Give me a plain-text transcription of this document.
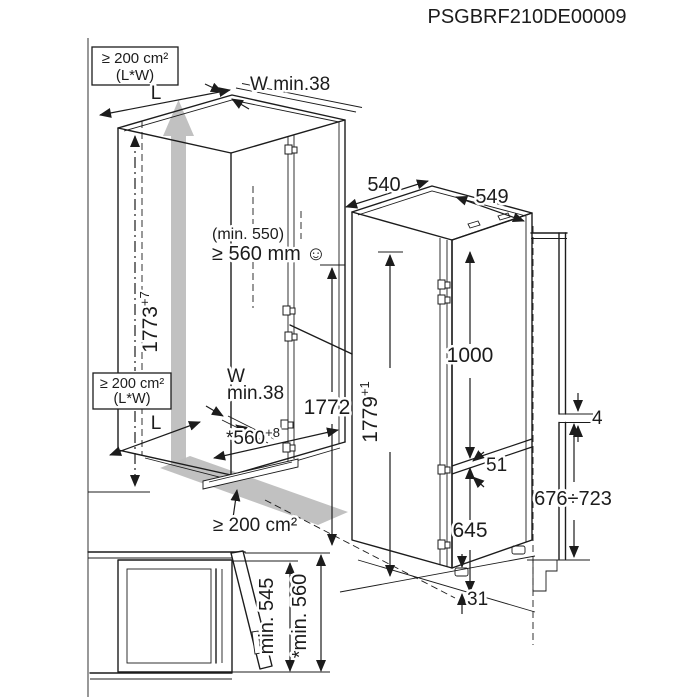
PSGBRF210DE00009
≥ 200 cm²
(L*W)
≥ 200 cm²
(L*W)
L	W min.38
(min. 550)
≥ 560 mm ☺
$1773^{+7}$
W
min.38
L
$*560^{+8}$
1772
≥ 200 cm²
540
549
$1779^{+1}$
1000
51
645
31
4
676÷723
min. 545 *min. 560
